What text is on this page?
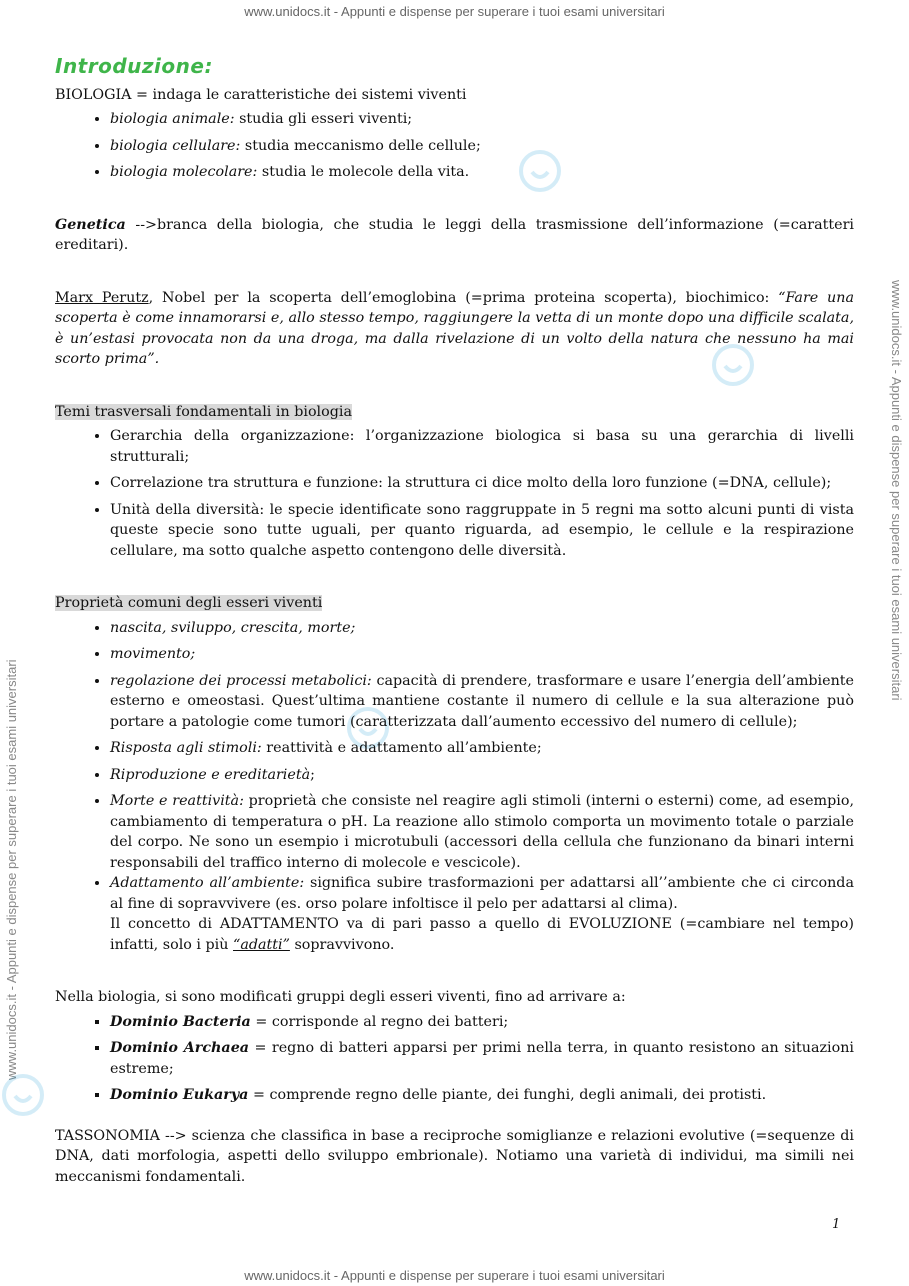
www.unidocs.it - Appunti e dispense per superare i tuoi esami universitari
www.unidocs.it - Appunti e dispense per superare i tuoi esami universitari
www.unidocs.it - Appunti e dispense per superare i tuoi esami universitari
www.unidocs.it - Appunti e dispense per superare i tuoi esami universitari
Introduzione:

BIOLOGIA = indaga le caratteristiche dei sistemi viventi

• biologia animale: studia gli esseri viventi;
• biologia cellulare: studia meccanismo delle cellule;
• biologia molecolare: studia le molecole della vita.

Genetica -->branca della biologia, che studia le leggi della trasmissione dell’informazione (=caratteri ereditari).

Marx Perutz, Nobel per la scoperta dell’emoglobina (=prima proteina scoperta), biochimico: “Fare una scoperta è come innamorarsi e, allo stesso tempo, raggiungere la vetta di un monte dopo una difficile scalata, è un’estasi provocata non da una droga, ma dalla rivelazione di un volto della natura che nessuno ha mai scorto prima”.

Temi trasversali fondamentali in biologia

• Gerarchia della organizzazione: l’organizzazione biologica si basa su una gerarchia di livelli strutturali;
• Correlazione tra struttura e funzione: la struttura ci dice molto della loro funzione (=DNA, cellule);
• Unità della diversità: le specie identificate sono raggruppate in 5 regni ma sotto alcuni punti di vista queste specie sono tutte uguali, per quanto riguarda, ad esempio, le cellule e la respirazione cellulare, ma sotto qualche aspetto contengono delle diversità.

Proprietà comuni degli esseri viventi

• nascita, sviluppo, crescita, morte;
• movimento;
• regolazione dei processi metabolici: capacità di prendere, trasformare e usare l’energia dell’ambiente esterno e omeostasi. Quest’ultima mantiene costante il numero di cellule e la sua alterazione può portare a patologie come tumori (caratterizzata dall’aumento eccessivo del numero di cellule);
• Risposta agli stimoli: reattività e adattamento all’ambiente;
• Riproduzione e ereditarietà;
• Morte e reattività: proprietà che consiste nel reagire agli stimoli (interni o esterni) come, ad esempio, cambiamento di temperatura o pH. La reazione allo stimolo comporta un movimento totale o parziale del corpo. Ne sono un esempio i microtubuli (accessori della cellula che funzionano da binari interni responsabili del traffico interno di molecole e vescicole).
• Adattamento all’ambiente: significa subire trasformazioni per adattarsi all’’ambiente che ci circonda al fine di sopravvivere (es. orso polare infoltisce il pelo per adattarsi al clima).
Il concetto di ADATTAMENTO va di pari passo a quello di EVOLUZIONE (=cambiare nel tempo) infatti, solo i più “adatti” sopravvivono.

Nella biologia, si sono modificati gruppi degli esseri viventi, fino ad arrivare a:

▪ Dominio Bacteria = corrisponde al regno dei batteri;
▪ Dominio Archaea = regno di batteri apparsi per primi nella terra, in quanto resistono an situazioni estreme;
▪ Dominio Eukarya = comprende regno delle piante, dei funghi, degli animali, dei protisti.

TASSONOMIA --> scienza che classifica in base a reciproche somiglianze e relazioni evolutive (=sequenze di DNA, dati morfologia, aspetti dello sviluppo embrionale). Notiamo una varietà di individui, ma simili nei meccanismi fondamentali.

1
